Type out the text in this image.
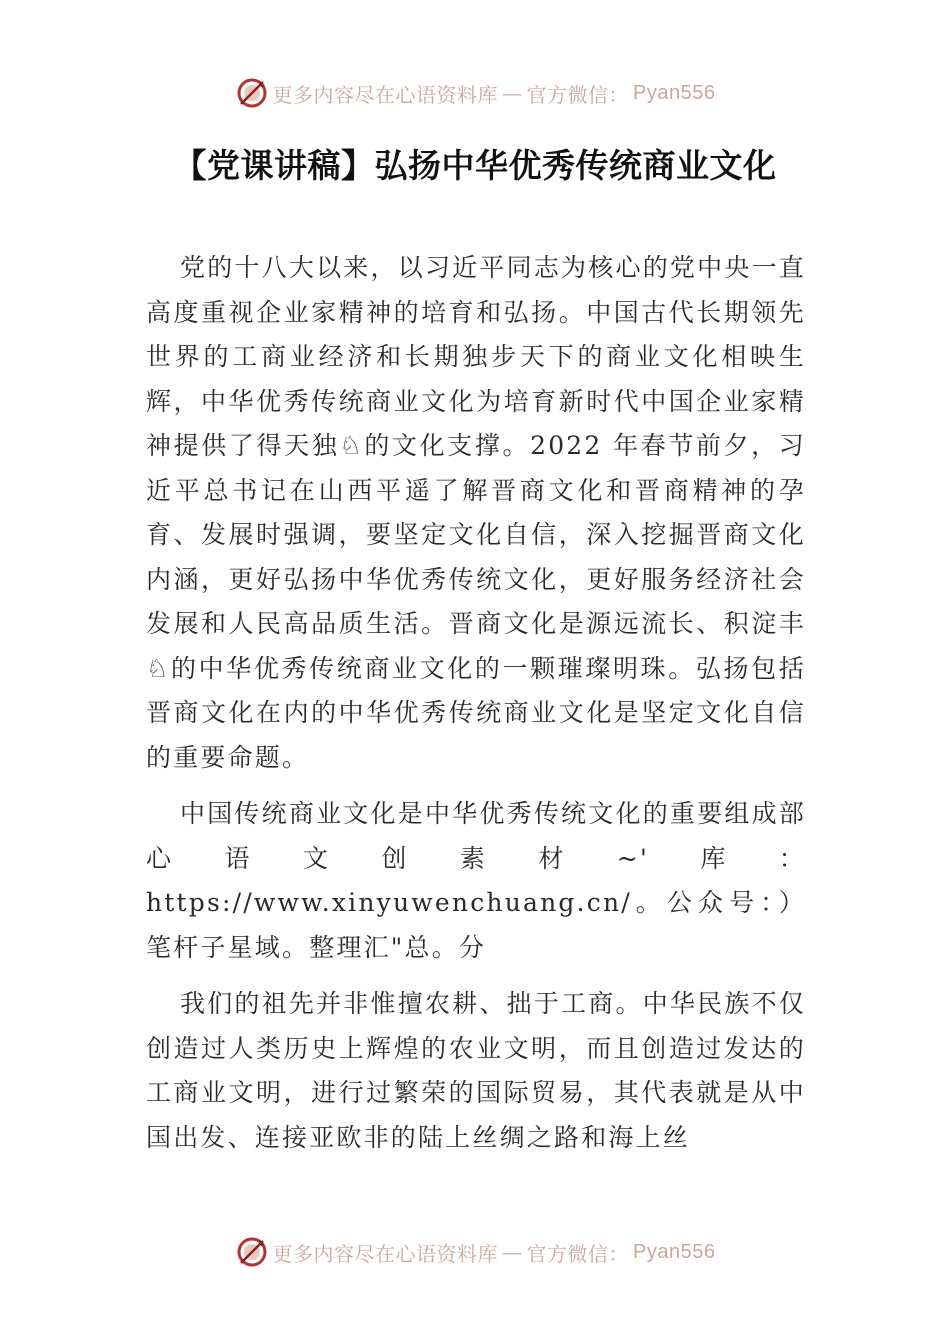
更多内容尽在心语资料库 — 官方微信： Pyan556
【党课讲稿】弘扬中华优秀传统商业文化

党的十八大以来，以习近平同志为核心的党中央一直高度重视企业家精神的培育和弘扬。中国古代长期领先世界的工商业经济和长期独步天下的商业文化相映生辉，中华优秀传统商业文化为培育新时代中国企业家精神提供了得天独♘的文化支撑。2022 年春节前夕，习近平总书记在山西平遥了解晋商文化和晋商精神的孕育、发展时强调，要坚定文化自信，深入挖掘晋商文化内涵，更好弘扬中华优秀传统文化，更好服务经济社会发展和人民高品质生活。晋商文化是源远流长、积淀丰♘的中华优秀传统商业文化的一颗璀璨明珠。弘扬包括晋商文化在内的中华优秀传统商业文化是坚定文化自信的重要命题。

中国传统商业文化是中华优秀传统文化的重要组成部心语文创素材~'库：https://www.xinyuwenchuang.cn/。公众号：）笔杆子星域。整理汇"总。分

我们的祖先并非惟擅农耕、拙于工商。中华民族不仅创造过人类历史上辉煌的农业文明，而且创造过发达的工商业文明，进行过繁荣的国际贸易，其代表就是从中国出发、连接亚欧非的陆上丝绸之路和海上丝

更多内容尽在心语资料库 — 官方微信： Pyan556
